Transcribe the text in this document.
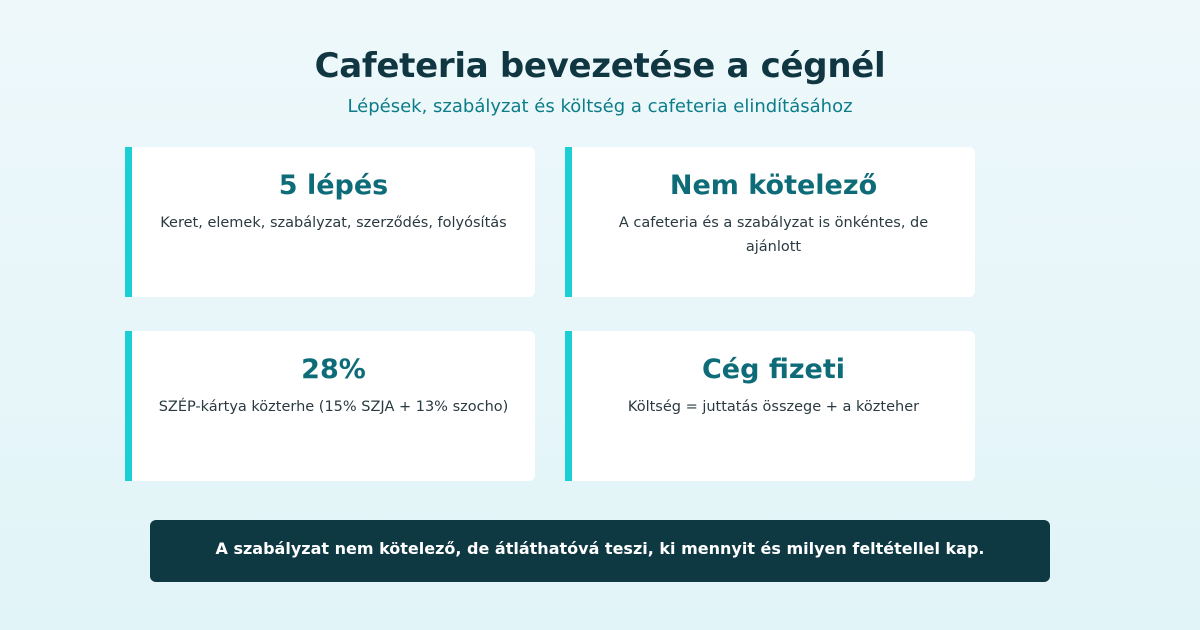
Cafeteria bevezetése a cégnél
Lépések, szabályzat és költség a cafeteria elindításához
5 lépés
Keret, elemek, szabályzat, szerződés, folyósítás
Nem kötelező
A cafeteria és a szabályzat is önkéntes, de ajánlott
28%
SZÉP-kártya közterhe (15% SZJA + 13% szocho)
Cég fizeti
Költség = juttatás összege + a közteher
A szabályzat nem kötelező, de átláthatóvá teszi, ki mennyit és milyen feltétellel kap.
